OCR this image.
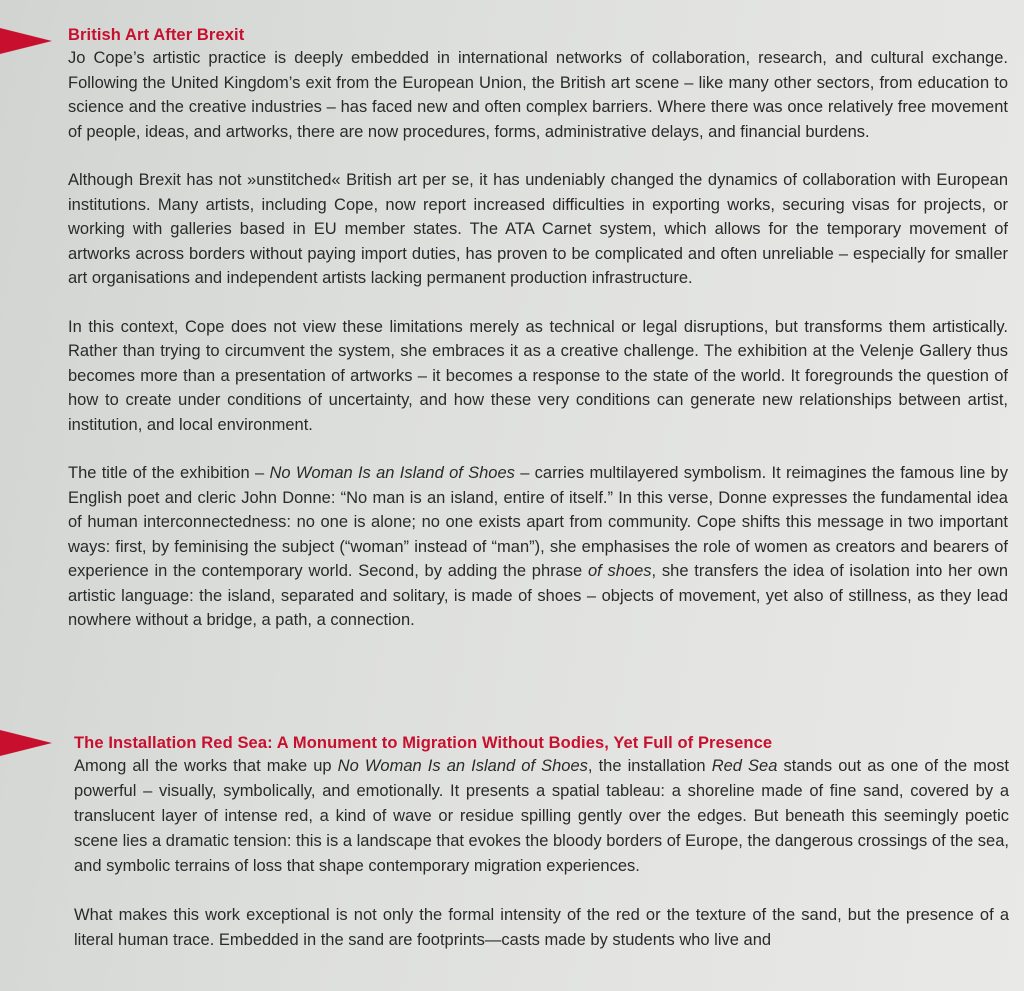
British Art After Brexit

Jo Cope’s artistic practice is deeply embedded in international networks of collaboration, research, and cultural exchange. Following the United Kingdom’s exit from the European Union, the British art scene – like many other sectors, from education to science and the creative industries – has faced new and often complex barriers. Where there was once relatively free movement of people, ideas, and artworks, there are now procedures, forms, administrative delays, and financial burdens.

Although Brexit has not »unstitched« British art per se, it has undeniably changed the dynamics of collaboration with European institutions. Many artists, including Cope, now report increased difficulties in exporting works, securing visas for projects, or working with galleries based in EU member states. The ATA Carnet system, which allows for the temporary movement of artworks across borders without paying import duties, has proven to be complicated and often unreliable – especially for smaller art organisations and independent artists lacking permanent production infrastructure.

In this context, Cope does not view these limitations merely as technical or legal disruptions, but transforms them artistically. Rather than trying to circumvent the system, she embraces it as a creative challenge. The exhibition at the Velenje Gallery thus becomes more than a presentation of artworks – it becomes a response to the state of the world. It foregrounds the question of how to create under conditions of uncertainty, and how these very conditions can generate new relationships between artist, institution, and local environment.

The title of the exhibition – No Woman Is an Island of Shoes – carries multilayered symbolism. It reimagines the famous line by English poet and cleric John Donne: “No man is an island, entire of itself.” In this verse, Donne expresses the fundamental idea of human interconnectedness: no one is alone; no one exists apart from community. Cope shifts this message in two important ways: first, by feminising the subject (“woman” instead of “man”), she emphasises the role of women as creators and bearers of experience in the contemporary world. Second, by adding the phrase of shoes, she transfers the idea of isolation into her own artistic language: the island, separated and solitary, is made of shoes – objects of movement, yet also of stillness, as they lead nowhere without a bridge, a path, a connection.

The Installation Red Sea: A Monument to Migration Without Bodies, Yet Full of Presence

Among all the works that make up No Woman Is an Island of Shoes, the installation Red Sea stands out as one of the most powerful – visually, symbolically, and emotionally. It presents a spatial tableau: a shoreline made of fine sand, covered by a translucent layer of intense red, a kind of wave or residue spilling gently over the edges. But beneath this seemingly poetic scene lies a dramatic tension: this is a landscape that evokes the bloody borders of Europe, the dangerous crossings of the sea, and symbolic terrains of loss that shape contemporary migration experiences.

What makes this work exceptional is not only the formal intensity of the red or the texture of the sand, but the presence of a literal human trace. Embedded in the sand are footprints—casts made by students who live and
